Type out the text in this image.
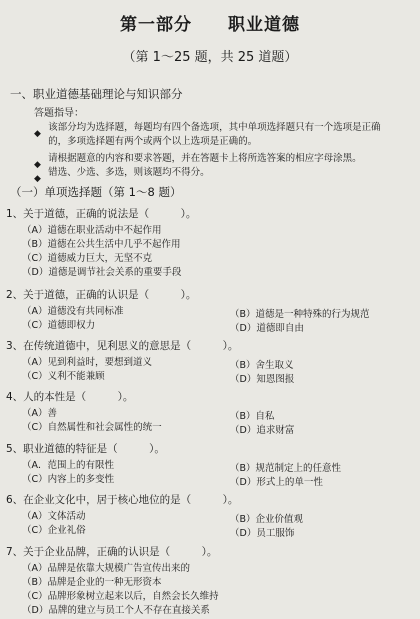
第一部分　　职业道德
（第 1～25 题，共 25 道题）
一、职业道德基础理论与知识部分
答题指导：
◆ 该部分均为选择题，每题均有四个备选项，其中单项选择题只有一个选项是正确的，多项选择题有两个或两个以上选项是正确的。
◆ 请根据题意的内容和要求答题，并在答题卡上将所选答案的相应字母涂黑。
◆ 错选、少选、多选，则该题均不得分。
（一）单项选择题（第 1～8 题）
1、关于道德，正确的说法是（　　　）。
（A）道德在职业活动中不起作用
（B）道德在公共生活中几乎不起作用
（C）道德威力巨大，无坚不克
（D）道德是调节社会关系的重要手段
2、关于道德，正确的认识是（　　　）。
（A）道德没有共同标准	（B）道德是一种特殊的行为规范
（C）道德即权力	（D）道德即自由
3、在传统道德中，见利思义的意思是（　　　）。
（A）见到利益时，要想到道义	（B）舍生取义
（C）义利不能兼顾	（D）知恩图报
4、人的本性是（　　　）。
（A）善	（B）自私
（C）自然属性和社会属性的统一	（D）追求财富
5、职业道德的特征是（　　　）。
（A．范围上的有限性	（B）规范制定上的任意性
（C）内容上的多变性	（D）形式上的单一性
6、在企业文化中，居于核心地位的是（　　　）。
（A）文体活动	（B）企业价值观
（C）企业礼俗	（D）员工服饰
7、关于企业品牌，正确的认识是（　　　）。
（A）品牌是依靠大规模广告宣传出来的
（B）品牌是企业的一种无形资本
（C）品牌形象树立起来以后，自然会长久维持
（D）品牌的建立与员工个人不存在直接关系
